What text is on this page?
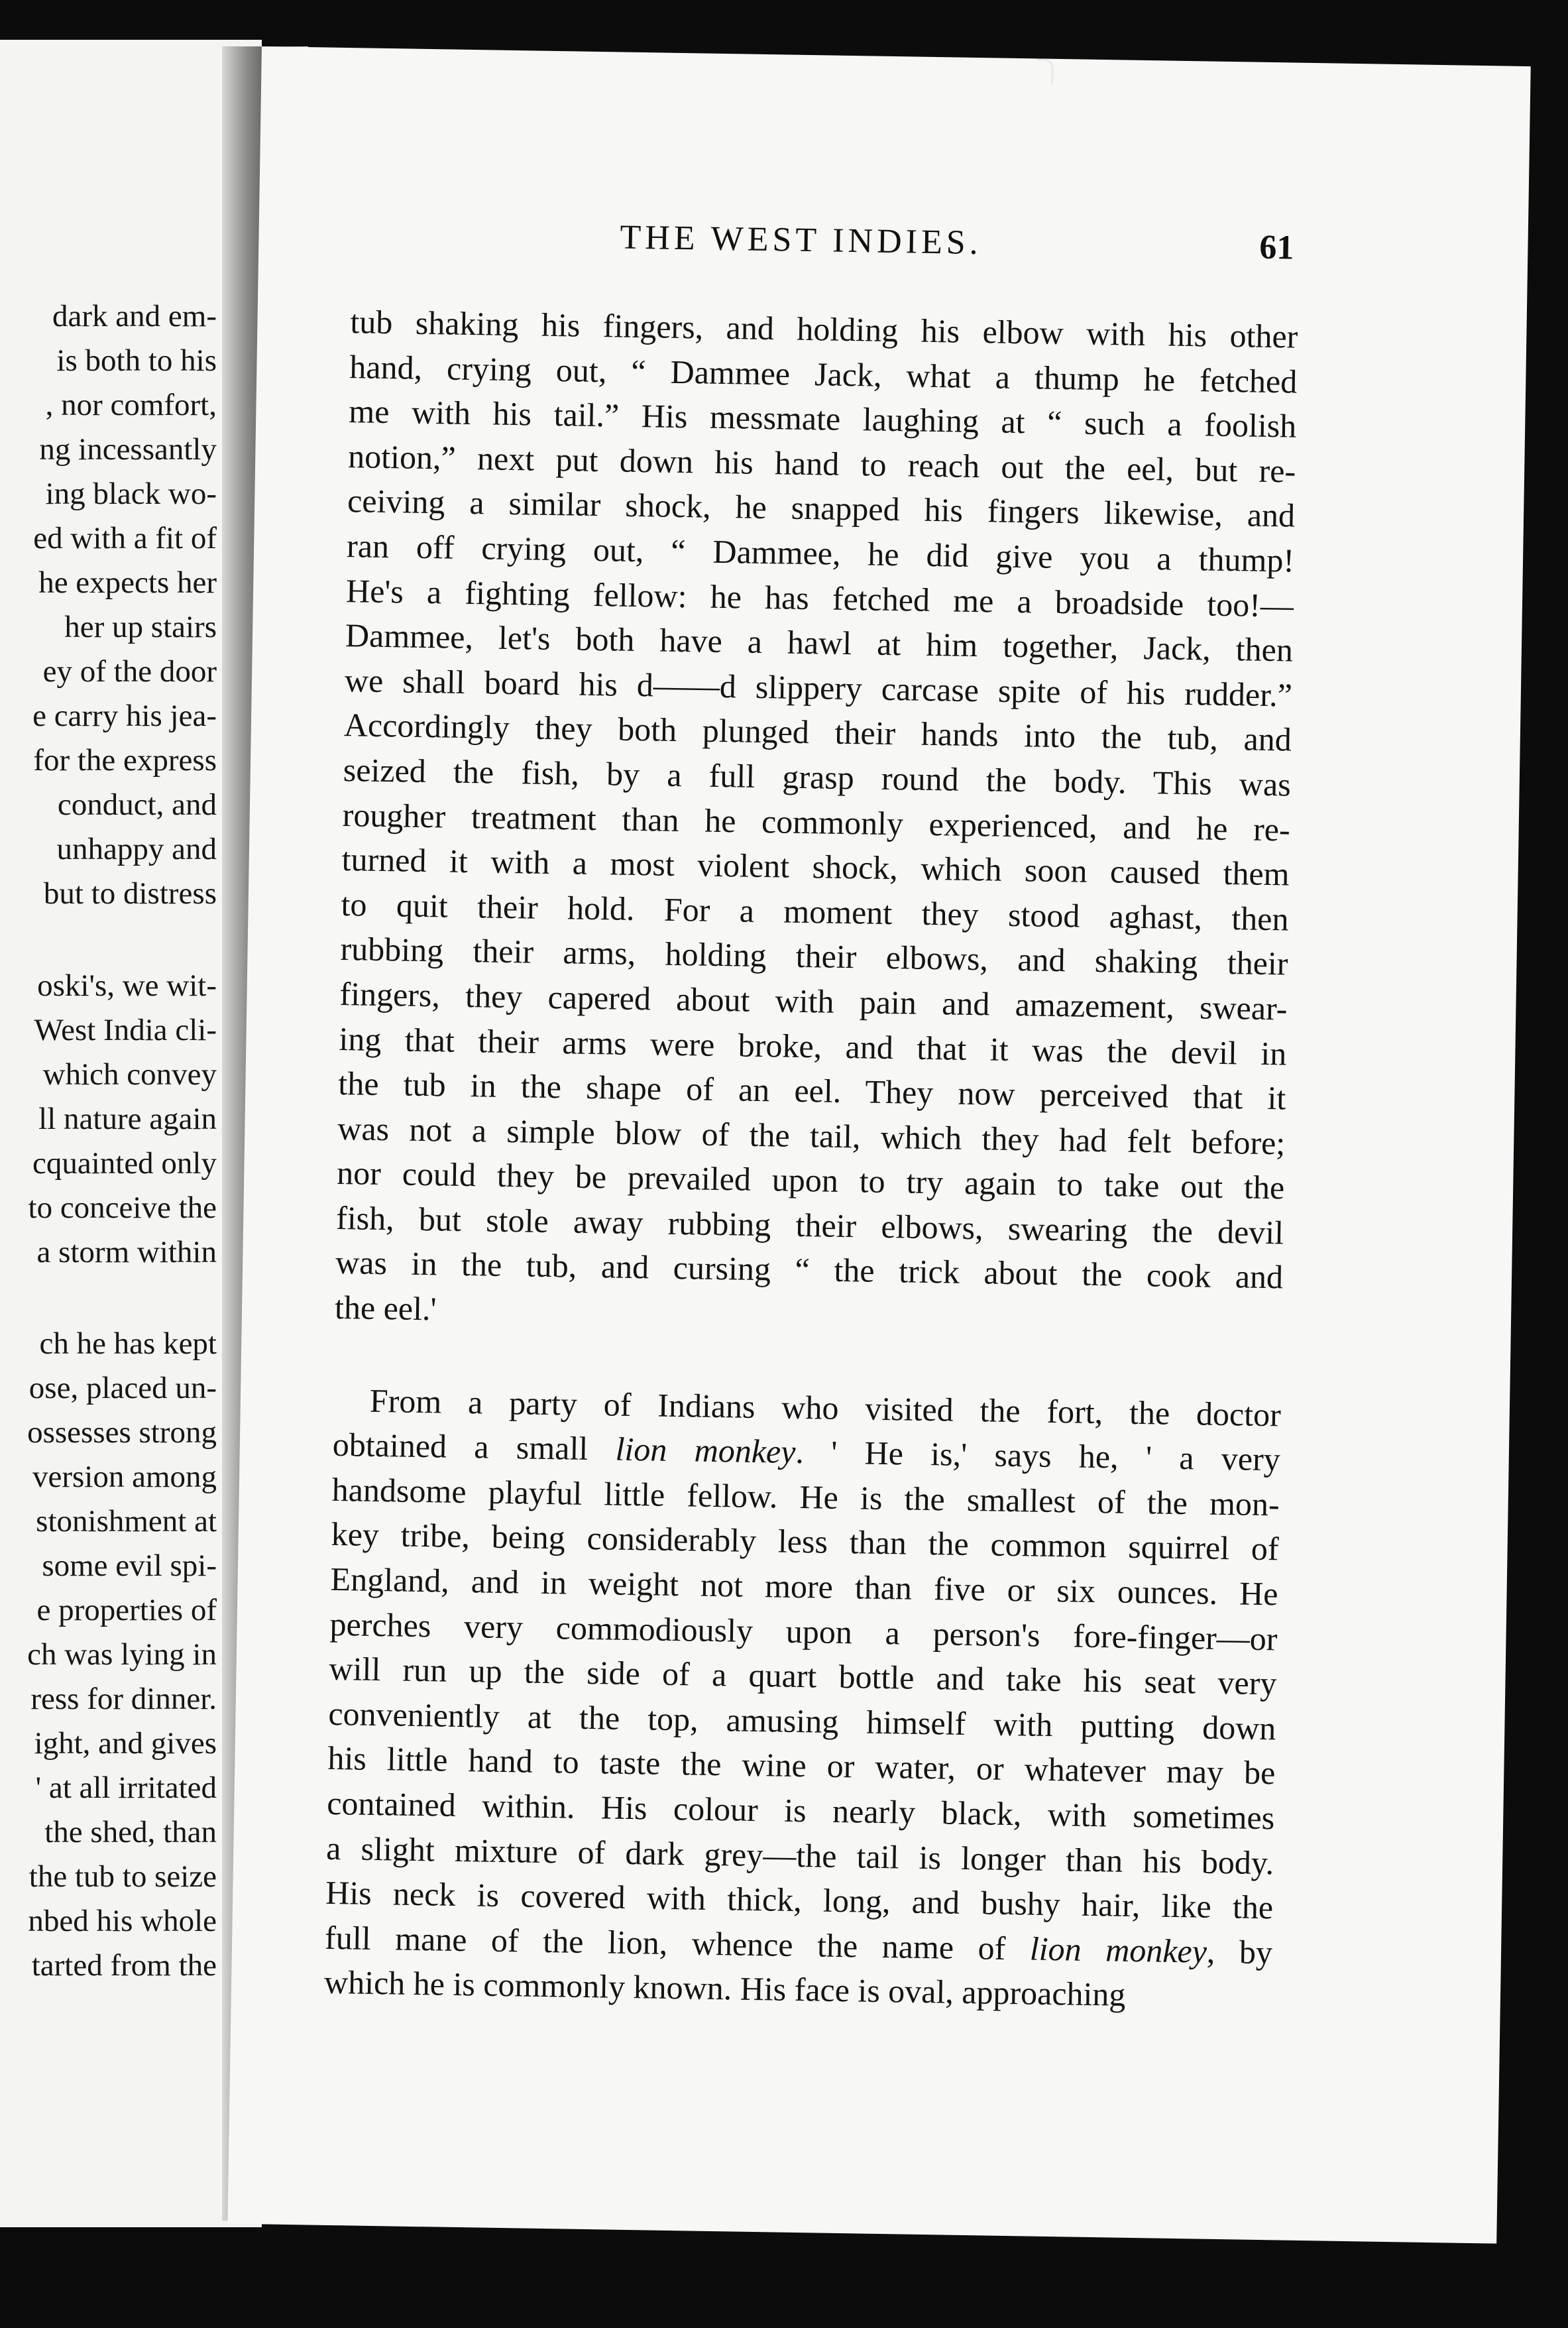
dark and em-
is both to his
, nor comfort,
ng incessantly
ing black wo-
ed with a fit of
he expects her
her up stairs
ey of the door
e carry his jea-
for the express
conduct, and
unhappy and
but to distress
oski's, we wit-
West India cli-
which convey
ll nature again
cquainted only
to conceive the
a storm within
ch he has kept
ose, placed un-
ossesses strong
version among
stonishment at
some evil spi-
e properties of
ch was lying in
ress for dinner.
ight, and gives
' at all irritated
the shed, than
the tub to seize
nbed his whole
tarted from the
THE WEST INDIES.	61
tub shaking his fingers, and holding his elbow with his other
hand, crying out, “ Dammee Jack, what a thump he fetched
me with his tail.” His messmate laughing at “ such a foolish
notion,” next put down his hand to reach out the eel, but re-
ceiving a similar shock, he snapped his fingers likewise, and
ran off crying out, “ Dammee, he did give you a thump!
He's a fighting fellow: he has fetched me a broadside too!—
Dammee, let's both have a hawl at him together, Jack, then
we shall board his d——d slippery carcase spite of his rudder.”
Accordingly they both plunged their hands into the tub, and
seized the fish, by a full grasp round the body. This was
rougher treatment than he commonly experienced, and he re-
turned it with a most violent shock, which soon caused them
to quit their hold. For a moment they stood aghast, then
rubbing their arms, holding their elbows, and shaking their
fingers, they capered about with pain and amazement, swear-
ing that their arms were broke, and that it was the devil in
the tub in the shape of an eel. They now perceived that it
was not a simple blow of the tail, which they had felt before;
nor could they be prevailed upon to try again to take out the
fish, but stole away rubbing their elbows, swearing the devil
was in the tub, and cursing “ the trick about the cook and
the eel.'
From a party of Indians who visited the fort, the doctor
obtained a small lion monkey. ' He is,' says he, ' a very
handsome playful little fellow. He is the smallest of the mon-
key tribe, being considerably less than the common squirrel of
England, and in weight not more than five or six ounces. He
perches very commodiously upon a person's fore-finger—or
will run up the side of a quart bottle and take his seat very
conveniently at the top, amusing himself with putting down
his little hand to taste the wine or water, or whatever may be
contained within. His colour is nearly black, with sometimes
a slight mixture of dark grey—the tail is longer than his body.
His neck is covered with thick, long, and bushy hair, like the
full mane of the lion, whence the name of lion monkey, by
which he is commonly known. His face is oval, approaching
